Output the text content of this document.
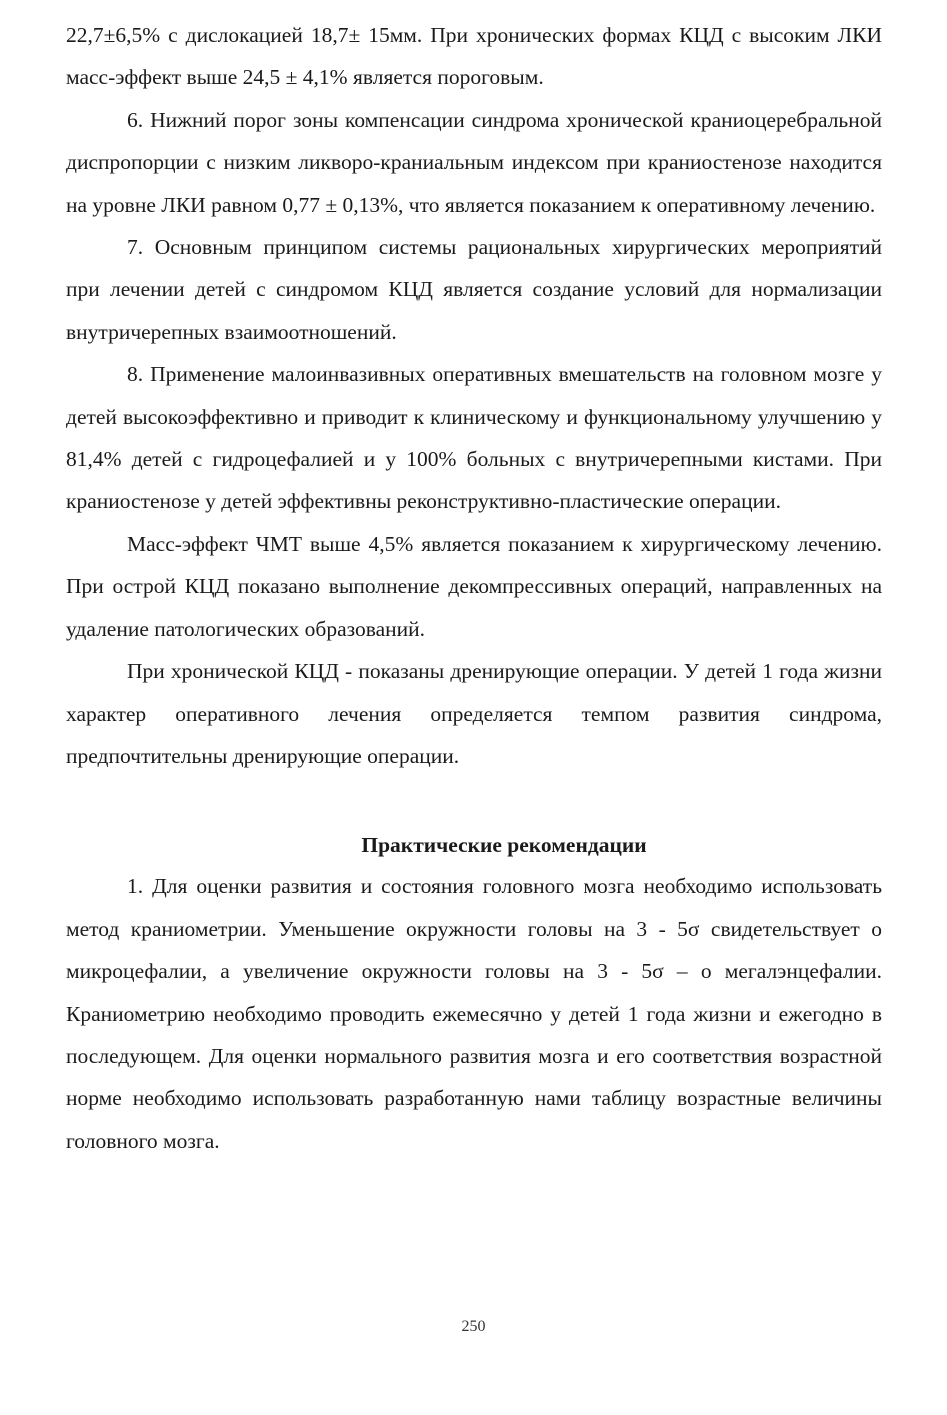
22,7±6,5% с дислокацией 18,7± 15мм. При хронических формах КЦД с высоким ЛКИ масс-эффект выше 24,5 ± 4,1% является пороговым.

6. Нижний порог зоны компенсации синдрома хронической краниоцеребральной диспропорции с низким ликворо-краниальным индексом при краниостенозе находится на уровне ЛКИ равном 0,77 ± 0,13%, что является показанием к оперативному лечению.

7. Основным принципом системы рациональных хирургических мероприятий при лечении детей с синдромом КЦД является создание условий для нормализации внутричерепных взаимоотношений.

8. Применение малоинвазивных оперативных вмешательств на головном мозге у детей высокоэффективно и приводит к клиническому и функциональному улучшению у 81,4% детей с гидроцефалией и у 100% больных с внутричерепными кистами. При краниостенозе у детей эффективны реконструктивно-пластические операции.

Масс-эффект ЧМТ выше 4,5% является показанием к хирургическому лечению. При острой КЦД показано выполнение декомпрессивных операций, направленных на удаление патологических образований.

При хронической КЦД - показаны дренирующие операции. У детей 1 года жизни характер оперативного лечения определяется темпом развития синдрома, предпочтительны дренирующие операции.

Практические рекомендации

1. Для оценки развития и состояния головного мозга необходимо использовать метод краниометрии. Уменьшение окружности головы на 3 - 5σ свидетельствует о микроцефалии, а увеличение окружности головы на 3 - 5σ – о мегалэнцефалии. Краниометрию необходимо проводить ежемесячно у детей 1 года жизни и ежегодно в последующем. Для оценки нормального развития мозга и его соответствия возрастной норме необходимо использовать разработанную нами таблицу возрастные величины головного мозга.

250
